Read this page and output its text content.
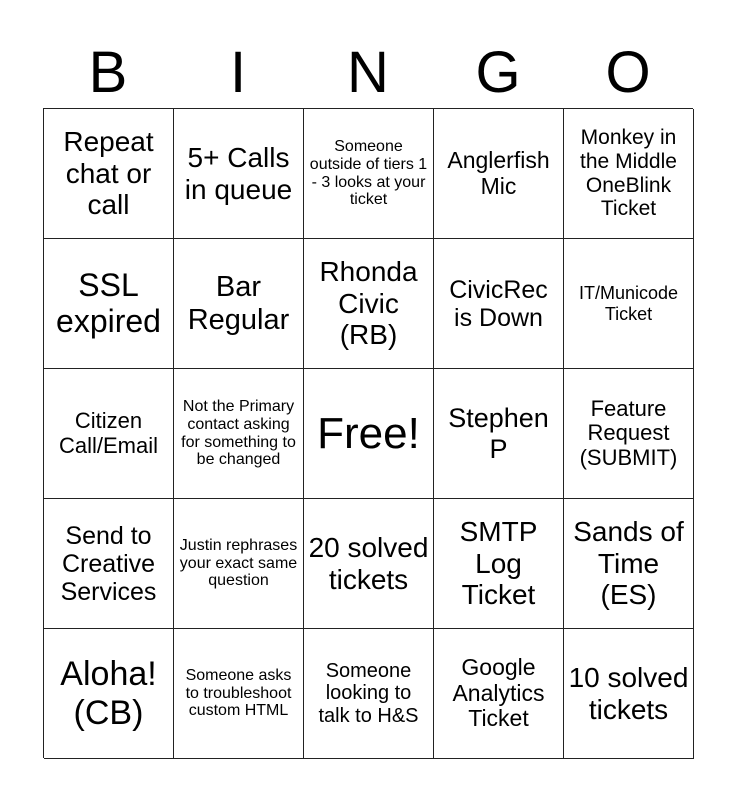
B	I	N	G	O
Repeat chat or call
5+ Calls in queue
Someone outside of tiers 1 - 3 looks at your ticket
Anglerfish Mic
Monkey in the Middle OneBlink Ticket
SSL expired
Bar Regular
Rhonda Civic (RB)
CivicRec is Down
IT/Municode Ticket
Citizen Call/Email
Not the Primary contact asking for something to be changed
Free!	Stephen P
Feature Request (SUBMIT)
Send to Creative Services
Justin rephrases your exact same question
20 solved tickets
SMTP Log Ticket
Sands of Time (ES)
Aloha! (CB)
Someone asks to troubleshoot custom HTML
Someone looking to talk to H&S
Google Analytics Ticket
10 solved tickets
